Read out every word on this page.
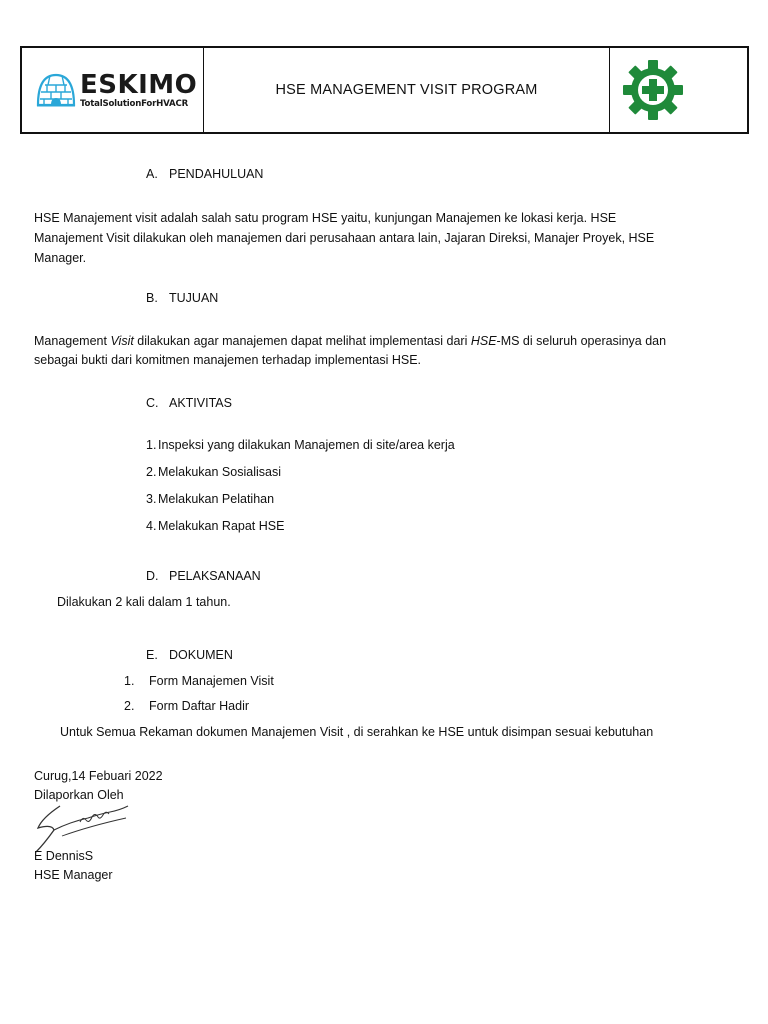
ESKIMO
TotalSolutionForHVACR
HSE MANAGEMENT VISIT PROGRAM
A. PENDAHULUAN
HSE Manajement visit adalah salah satu program HSE yaitu, kunjungan Manajemen ke lokasi kerja. HSE
Manajement Visit dilakukan oleh manajemen dari perusahaan antara lain, Jajaran Direksi, Manajer Proyek, HSE
Manager.
B. TUJUAN
Management Visit dilakukan agar manajemen dapat melihat implementasi dari HSE-MS di seluruh operasinya dan
sebagai bukti dari komitmen manajemen terhadap implementasi HSE.
C. AKTIVITAS
1. Inspeksi yang dilakukan Manajemen di site/area kerja
2. Melakukan Sosialisasi
3. Melakukan Pelatihan
4. Melakukan Rapat HSE
D. PELAKSANAAN
Dilakukan 2 kali dalam 1 tahun.
E. DOKUMEN
1. Form Manajemen Visit
2. Form Daftar Hadir
Untuk Semua Rekaman dokumen Manajemen Visit , di serahkan ke HSE untuk disimpan sesuai kebutuhan
Curug,14 Febuari 2022
Dilaporkan Oleh
E DennisS
HSE Manager
